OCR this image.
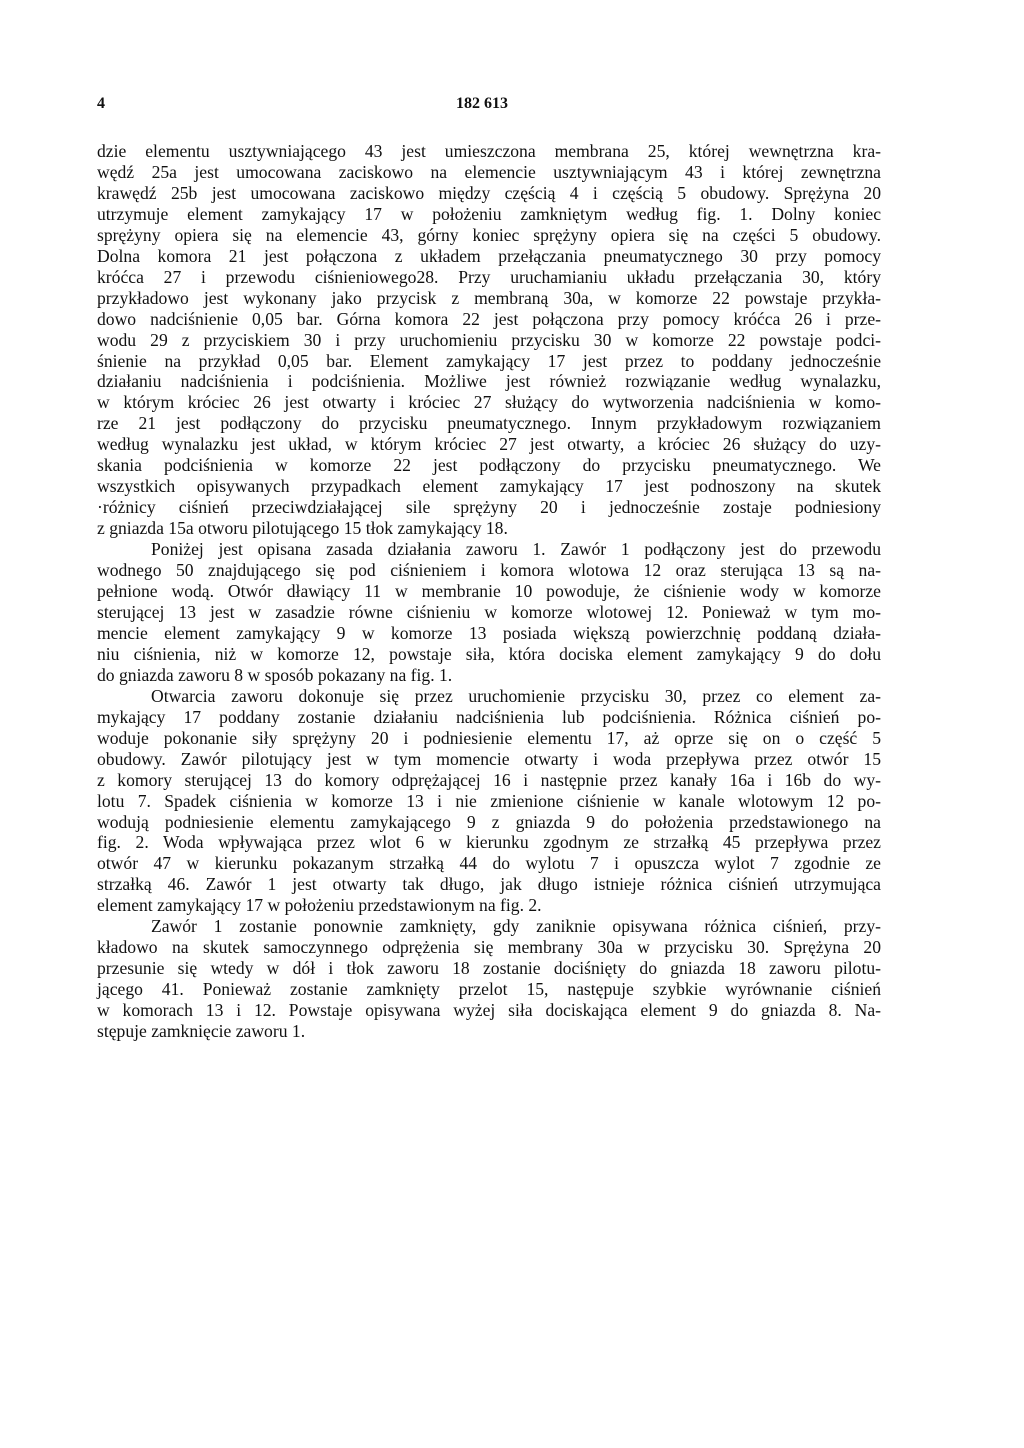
4	182 613
dzie elementu usztywniającego 43 jest umieszczona membrana 25, której wewnętrzna kra-
wędź 25a jest umocowana zaciskowo na elemencie usztywniającym 43 i której zewnętrzna
krawędź 25b jest umocowana zaciskowo między częścią 4 i częścią 5 obudowy. Sprężyna 20
utrzymuje element zamykający 17 w położeniu zamkniętym według fig. 1. Dolny koniec
sprężyny opiera się na elemencie 43, górny koniec sprężyny opiera się na części 5 obudowy.
Dolna komora 21 jest połączona z układem przełączania pneumatycznego 30 przy pomocy
króćca 27 i przewodu ciśnieniowego28. Przy uruchamianiu układu przełączania 30, który
przykładowo jest wykonany jako przycisk z membraną 30a, w komorze 22 powstaje przykła-
dowo nadciśnienie 0,05 bar. Górna komora 22 jest połączona przy pomocy króćca 26 i prze-
wodu 29 z przyciskiem 30 i przy uruchomieniu przycisku 30 w komorze 22 powstaje podci-
śnienie na przykład 0,05 bar. Element zamykający 17 jest przez to poddany jednocześnie
działaniu nadciśnienia i podciśnienia. Możliwe jest również rozwiązanie według wynalazku,
w którym króciec 26 jest otwarty i króciec 27 służący do wytworzenia nadciśnienia w komo-
rze 21 jest podłączony do przycisku pneumatycznego. Innym przykładowym rozwiązaniem
według wynalazku jest układ, w którym króciec 27 jest otwarty, a króciec 26 służący do uzy-
skania podciśnienia w komorze 22 jest podłączony do przycisku pneumatycznego. We
wszystkich opisywanych przypadkach element zamykający 17 jest podnoszony na skutek
·różnicy ciśnień przeciwdziałającej sile sprężyny 20 i jednocześnie zostaje podniesiony
z gniazda 15a otworu pilotującego 15 tłok zamykający 18.
Poniżej jest opisana zasada działania zaworu 1. Zawór 1 podłączony jest do przewodu
wodnego 50 znajdującego się pod ciśnieniem i komora wlotowa 12 oraz sterująca 13 są na-
pełnione wodą. Otwór dławiący 11 w membranie 10 powoduje, że ciśnienie wody w komorze
sterującej 13 jest w zasadzie równe ciśnieniu w komorze wlotowej 12. Ponieważ w tym mo-
mencie element zamykający 9 w komorze 13 posiada większą powierzchnię poddaną działa-
niu ciśnienia, niż w komorze 12, powstaje siła, która dociska element zamykający 9 do dołu
do gniazda zaworu 8 w sposób pokazany na fig. 1.
Otwarcia zaworu dokonuje się przez uruchomienie przycisku 30, przez co element za-
mykający 17 poddany zostanie działaniu nadciśnienia lub podciśnienia. Różnica ciśnień po-
woduje pokonanie siły sprężyny 20 i podniesienie elementu 17, aż oprze się on o część 5
obudowy. Zawór pilotujący jest w tym momencie otwarty i woda przepływa przez otwór 15
z komory sterującej 13 do komory odprężającej 16 i następnie przez kanały 16a i 16b do wy-
lotu 7. Spadek ciśnienia w komorze 13 i nie zmienione ciśnienie w kanale wlotowym 12 po-
wodują podniesienie elementu zamykającego 9 z gniazda 9 do położenia przedstawionego na
fig. 2. Woda wpływająca przez wlot 6 w kierunku zgodnym ze strzałką 45 przepływa przez
otwór 47 w kierunku pokazanym strzałką 44 do wylotu 7 i opuszcza wylot 7 zgodnie ze
strzałką 46. Zawór 1 jest otwarty tak długo, jak długo istnieje różnica ciśnień utrzymująca
element zamykający 17 w położeniu przedstawionym na fig. 2.
Zawór 1 zostanie ponownie zamknięty, gdy zaniknie opisywana różnica ciśnień, przy-
kładowo na skutek samoczynnego odprężenia się membrany 30a w przycisku 30. Sprężyna 20
przesunie się wtedy w dół i tłok zaworu 18 zostanie dociśnięty do gniazda 18 zaworu pilotu-
jącego 41. Ponieważ zostanie zamknięty przelot 15, następuje szybkie wyrównanie ciśnień
w komorach 13 i 12. Powstaje opisywana wyżej siła dociskająca element 9 do gniazda 8. Na-
stępuje zamknięcie zaworu 1.
